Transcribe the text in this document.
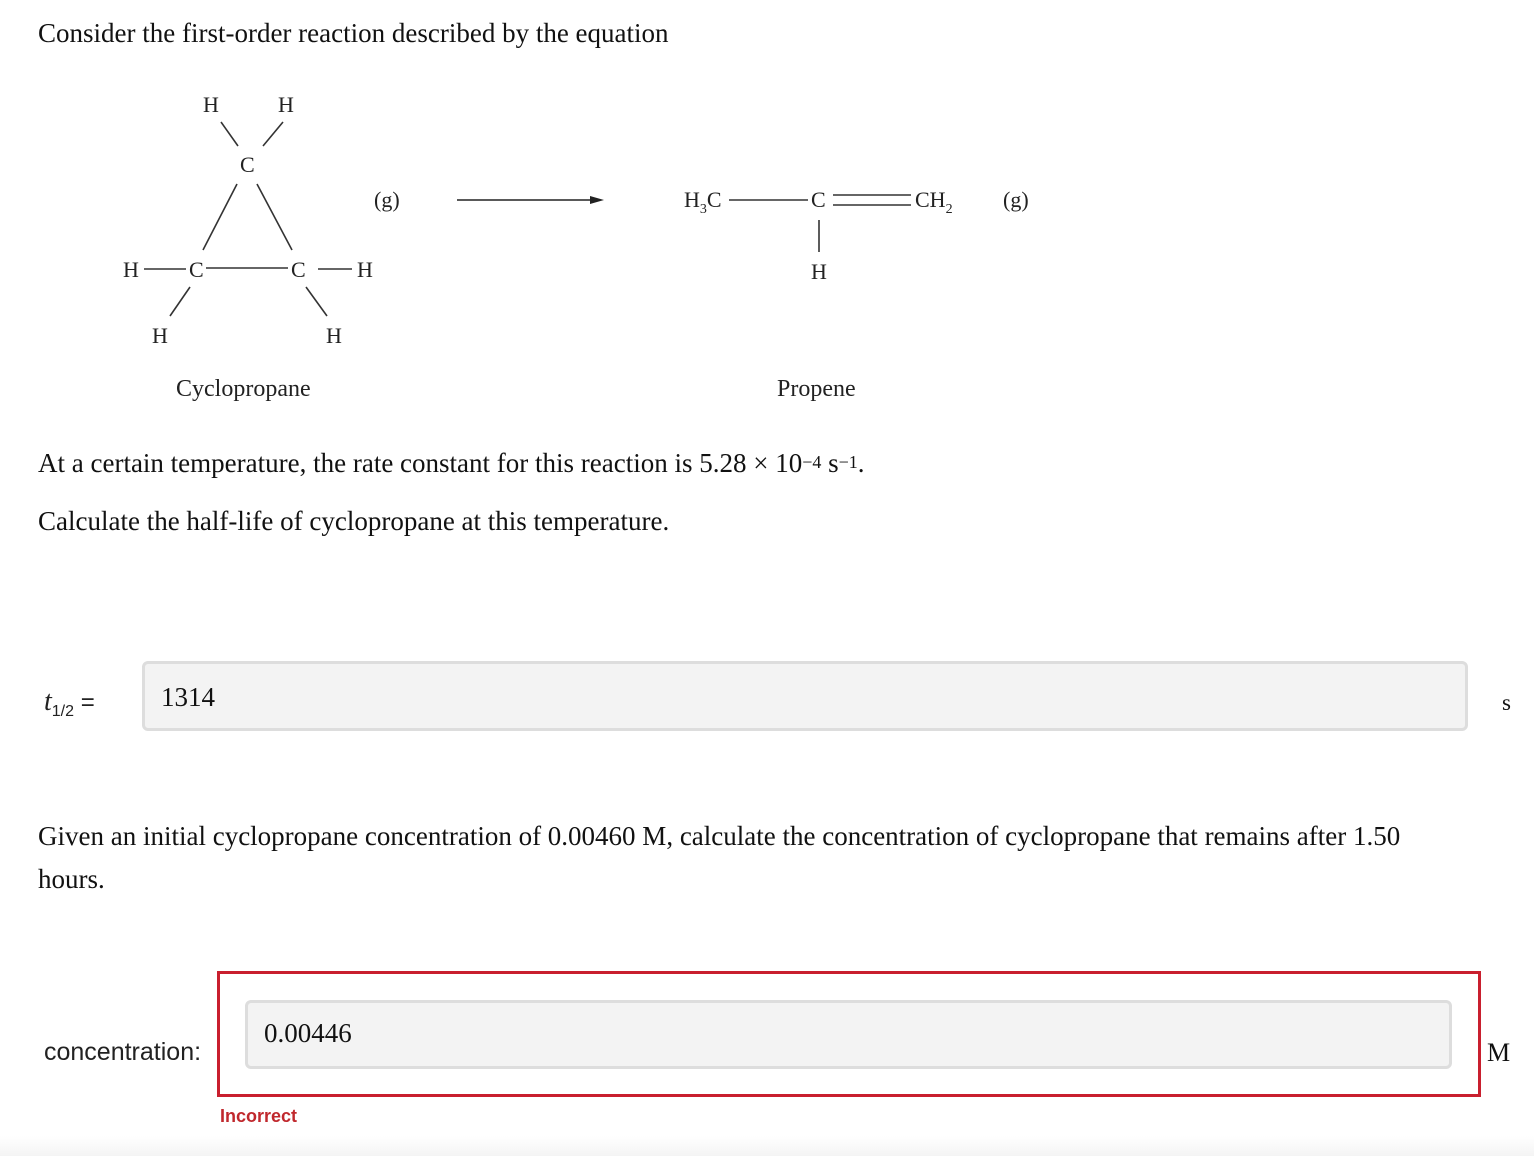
Consider the first-order reaction described by the equation
H	H
C
H C
H
C H
H
(g)
Cyclopropane
$H_3C$	C	$CH_2$
H
(g)
Propene
At a certain temperature, the rate constant for this reaction is $5.28 \times 10^{-4}$ $s^{-1}$.
Calculate the half-life of cyclopropane at this temperature.
$t_{1/2}$ =	1314	s
Given an initial cyclopropane concentration of 0.00460 M, calculate the concentration of cyclopropane that remains after 1.50 hours.
concentration:
0.00446
M
Incorrect
